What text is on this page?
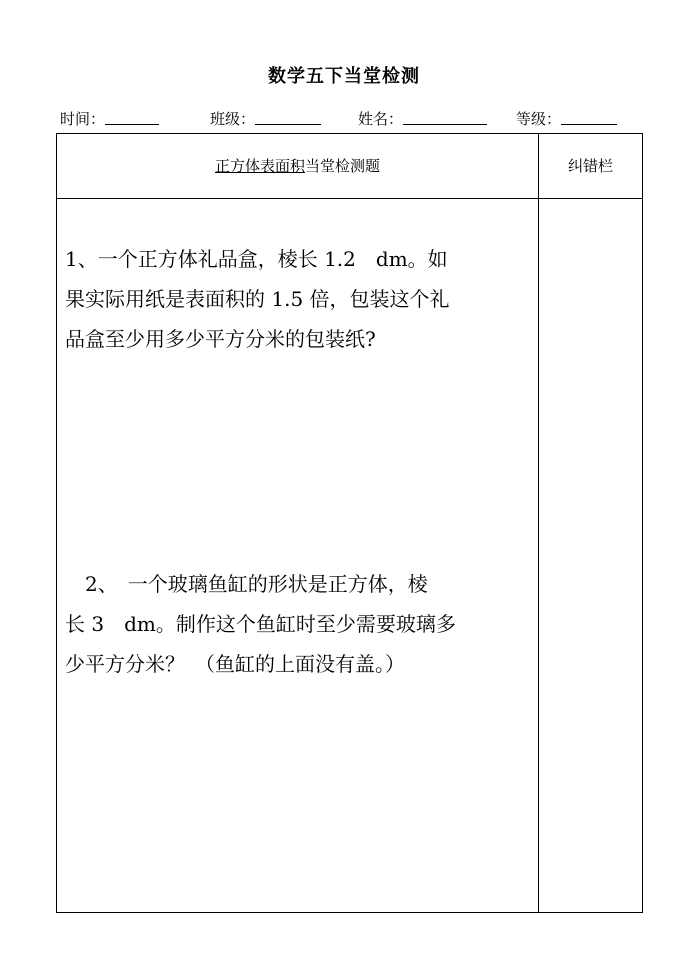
数学五下当堂检测
时间：	班级：	姓名：	等级：
正方体表面积当堂检测题	纠错栏
1、一个正方体礼品盒，棱长 1.2　dm。如
果实际用纸是表面积的 1.5 倍，包装这个礼
品盒至少用多少平方分米的包装纸?
　2、　一个玻璃鱼缸的形状是正方体，棱
长 3　dm。制作这个鱼缸时至少需要玻璃多
少平方分米？　（鱼缸的上面没有盖。）
